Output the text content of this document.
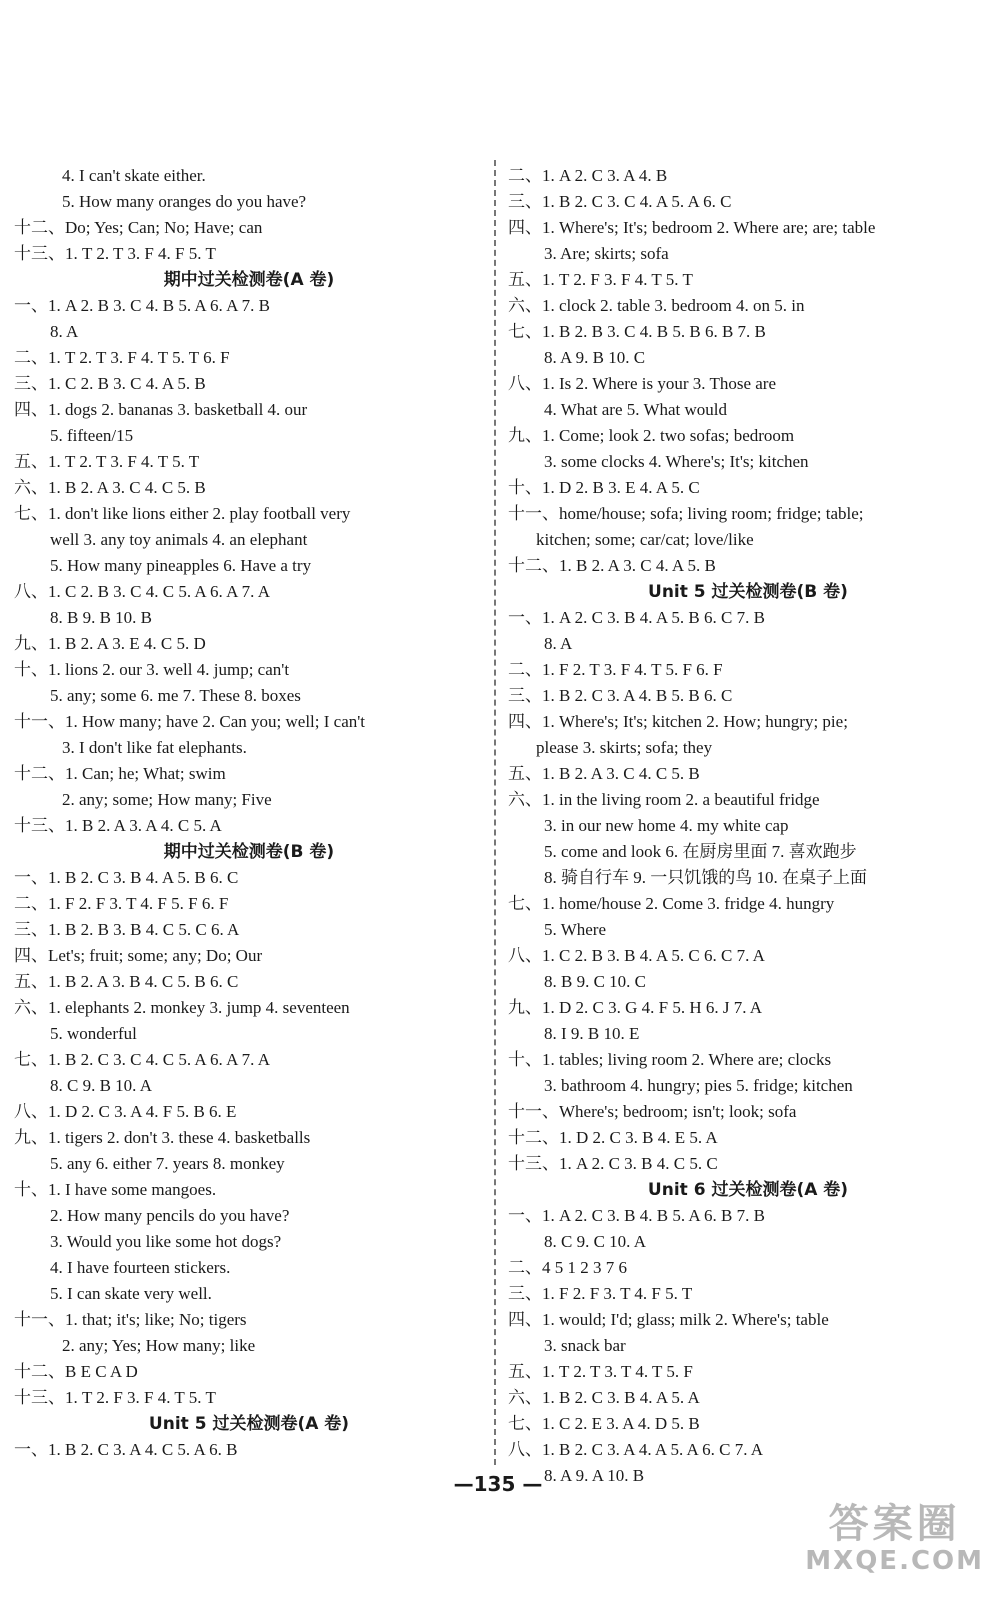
4. I can't skate either.
5. How many oranges do you have?
十二、Do; Yes; Can; No; Have; can
十三、1. T 2. T 3. F 4. F 5. T
期中过关检测卷(A 卷)
一、1. A 2. B 3. C 4. B 5. A 6. A 7. B
8. A
二、1. T 2. T 3. F 4. T 5. T 6. F
三、1. C 2. B 3. C 4. A 5. B
四、1. dogs 2. bananas 3. basketball 4. our
5. fifteen/15
五、1. T 2. T 3. F 4. T 5. T
六、1. B 2. A 3. C 4. C 5. B
七、1. don't like lions either 2. play football very
well 3. any toy animals 4. an elephant
5. How many pineapples 6. Have a try
八、1. C 2. B 3. C 4. C 5. A 6. A 7. A
8. B 9. B 10. B
九、1. B 2. A 3. E 4. C 5. D
十、1. lions 2. our 3. well 4. jump; can't
5. any; some 6. me 7. These 8. boxes
十一、1. How many; have 2. Can you; well; I can't
3. I don't like fat elephants.
十二、1. Can; he; What; swim
2. any; some; How many; Five
十三、1. B 2. A 3. A 4. C 5. A
期中过关检测卷(B 卷)
一、1. B 2. C 3. B 4. A 5. B 6. C
二、1. F 2. F 3. T 4. F 5. F 6. F
三、1. B 2. B 3. B 4. C 5. C 6. A
四、Let's; fruit; some; any; Do; Our
五、1. B 2. A 3. B 4. C 5. B 6. C
六、1. elephants 2. monkey 3. jump 4. seventeen
5. wonderful
七、1. B 2. C 3. C 4. C 5. A 6. A 7. A
8. C 9. B 10. A
八、1. D 2. C 3. A 4. F 5. B 6. E
九、1. tigers 2. don't 3. these 4. basketballs
5. any 6. either 7. years 8. monkey
十、1. I have some mangoes.
2. How many pencils do you have?
3. Would you like some hot dogs?
4. I have fourteen stickers.
5. I can skate very well.
十一、1. that; it's; like; No; tigers
2. any; Yes; How many; like
十二、B E C A D
十三、1. T 2. F 3. F 4. T 5. T
Unit 5 过关检测卷(A 卷)
一、1. B 2. C 3. A 4. C 5. A 6. B
二、1. A 2. C 3. A 4. B
三、1. B 2. C 3. C 4. A 5. A 6. C
四、1. Where's; It's; bedroom 2. Where are; are; table
3. Are; skirts; sofa
五、1. T 2. F 3. F 4. T 5. T
六、1. clock 2. table 3. bedroom 4. on 5. in
七、1. B 2. B 3. C 4. B 5. B 6. B 7. B
8. A 9. B 10. C
八、1. Is 2. Where is your 3. Those are
4. What are 5. What would
九、1. Come; look 2. two sofas; bedroom
3. some clocks 4. Where's; It's; kitchen
十、1. D 2. B 3. E 4. A 5. C
十一、home/house; sofa; living room; fridge; table;
kitchen; some; car/cat; love/like
十二、1. B 2. A 3. C 4. A 5. B
Unit 5 过关检测卷(B 卷)
一、1. A 2. C 3. B 4. A 5. B 6. C 7. B
8. A
二、1. F 2. T 3. F 4. T 5. F 6. F
三、1. B 2. C 3. A 4. B 5. B 6. C
四、1. Where's; It's; kitchen 2. How; hungry; pie;
please 3. skirts; sofa; they
五、1. B 2. A 3. C 4. C 5. B
六、1. in the living room 2. a beautiful fridge
3. in our new home 4. my white cap
5. come and look 6. 在厨房里面 7. 喜欢跑步
8. 骑自行车 9. 一只饥饿的鸟 10. 在桌子上面
七、1. home/house 2. Come 3. fridge 4. hungry
5. Where
八、1. C 2. B 3. B 4. A 5. C 6. C 7. A
8. B 9. C 10. C
九、1. D 2. C 3. G 4. F 5. H 6. J 7. A
8. I 9. B 10. E
十、1. tables; living room 2. Where are; clocks
3. bathroom 4. hungry; pies 5. fridge; kitchen
十一、Where's; bedroom; isn't; look; sofa
十二、1. D 2. C 3. B 4. E 5. A
十三、1. A 2. C 3. B 4. C 5. C
Unit 6 过关检测卷(A 卷)
一、1. A 2. C 3. B 4. B 5. A 6. B 7. B
8. C 9. C 10. A
二、4 5 1 2 3 7 6
三、1. F 2. F 3. T 4. F 5. T
四、1. would; I'd; glass; milk 2. Where's; table
3. snack bar
五、1. T 2. T 3. T 4. T 5. F
六、1. B 2. C 3. B 4. A 5. A
七、1. C 2. E 3. A 4. D 5. B
八、1. B 2. C 3. A 4. A 5. A 6. C 7. A
8. A 9. A 10. B
—135 —
答案圈
MXQE.COM
